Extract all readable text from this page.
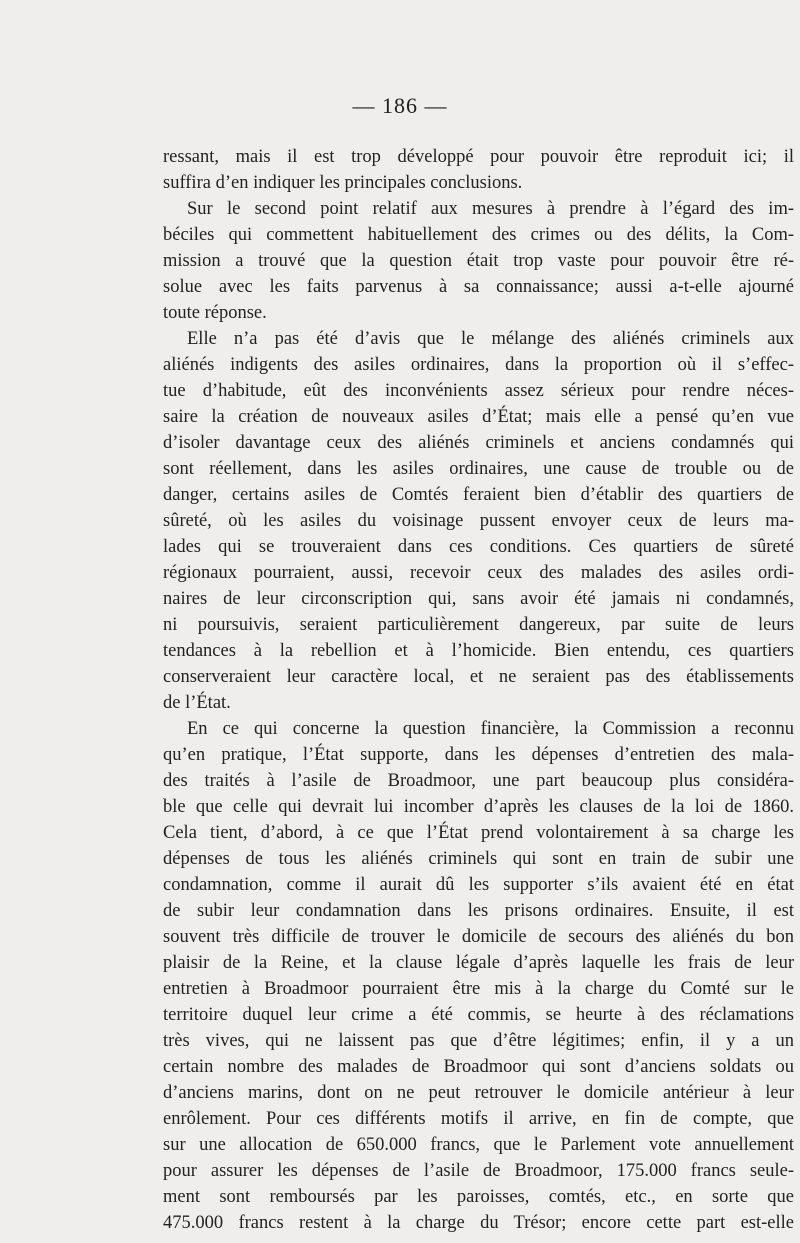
— 186 —
ressant, mais il est trop développé pour pouvoir être reproduit ici; il
suffira d’en indiquer les principales conclusions.
Sur le second point relatif aux mesures à prendre à l’égard des im-
béciles qui commettent habituellement des crimes ou des délits, la Com-
mission a trouvé que la question était trop vaste pour pouvoir être ré-
solue avec les faits parvenus à sa connaissance; aussi a-t-elle ajourné
toute réponse.
Elle n’a pas été d’avis que le mélange des aliénés criminels aux
aliénés indigents des asiles ordinaires, dans la proportion où il s’effec-
tue d’habitude, eût des inconvénients assez sérieux pour rendre néces-
saire la création de nouveaux asiles d’État; mais elle a pensé qu’en vue
d’isoler davantage ceux des aliénés criminels et anciens condamnés qui
sont réellement, dans les asiles ordinaires, une cause de trouble ou de
danger, certains asiles de Comtés feraient bien d’établir des quartiers de
sûreté, où les asiles du voisinage pussent envoyer ceux de leurs ma-
lades qui se trouveraient dans ces conditions. Ces quartiers de sûreté
régionaux pourraient, aussi, recevoir ceux des malades des asiles ordi-
naires de leur circonscription qui, sans avoir été jamais ni condamnés,
ni poursuivis, seraient particulièrement dangereux, par suite de leurs
tendances à la rebellion et à l’homicide. Bien entendu, ces quartiers
conserveraient leur caractère local, et ne seraient pas des établissements
de l’État.
En ce qui concerne la question financière, la Commission a reconnu
qu’en pratique, l’État supporte, dans les dépenses d’entretien des mala-
des traités à l’asile de Broadmoor, une part beaucoup plus considéra-
ble que celle qui devrait lui incomber d’après les clauses de la loi de 1860.
Cela tient, d’abord, à ce que l’État prend volontairement à sa charge les
dépenses de tous les aliénés criminels qui sont en train de subir une
condamnation, comme il aurait dû les supporter s’ils avaient été en état
de subir leur condamnation dans les prisons ordinaires. Ensuite, il est
souvent très difficile de trouver le domicile de secours des aliénés du bon
plaisir de la Reine, et la clause légale d’après laquelle les frais de leur
entretien à Broadmoor pourraient être mis à la charge du Comté sur le
territoire duquel leur crime a été commis, se heurte à des réclamations
très vives, qui ne laissent pas que d’être légitimes; enfin, il y a un
certain nombre des malades de Broadmoor qui sont d’anciens soldats ou
d’anciens marins, dont on ne peut retrouver le domicile antérieur à leur
enrôlement. Pour ces différents motifs il arrive, en fin de compte, que
sur une allocation de 650.000 francs, que le Parlement vote annuellement
pour assurer les dépenses de l’asile de Broadmoor, 175.000 francs seule-
ment sont remboursés par les paroisses, comtés, etc., en sorte que
475.000 francs restent à la charge du Trésor; encore cette part est-elle
